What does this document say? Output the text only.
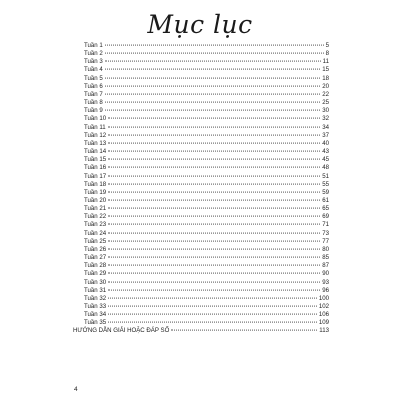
Mục lục
Tuần 1	5
Tuần 2	8
Tuần 3	11
Tuần 4	15
Tuần 5	18
Tuần 6	20
Tuần 7	22
Tuần 8	25
Tuần 9	30
Tuần 10	32
Tuần 11	34
Tuần 12	37
Tuần 13	40
Tuần 14	43
Tuần 15	45
Tuần 16	48
Tuần 17	51
Tuần 18	55
Tuần 19	59
Tuần 20	61
Tuần 21	65
Tuần 22	69
Tuần 23	71
Tuần 24	73
Tuần 25	77
Tuần 26	80
Tuần 27	85
Tuần 28	87
Tuần 29	90
Tuần 30	93
Tuần 31	96
Tuần 32	100
Tuần 33	102
Tuần 34	106
Tuần 35	109
HƯỚNG DẪN GIẢI HOẶC ĐÁP SỐ	113
4
